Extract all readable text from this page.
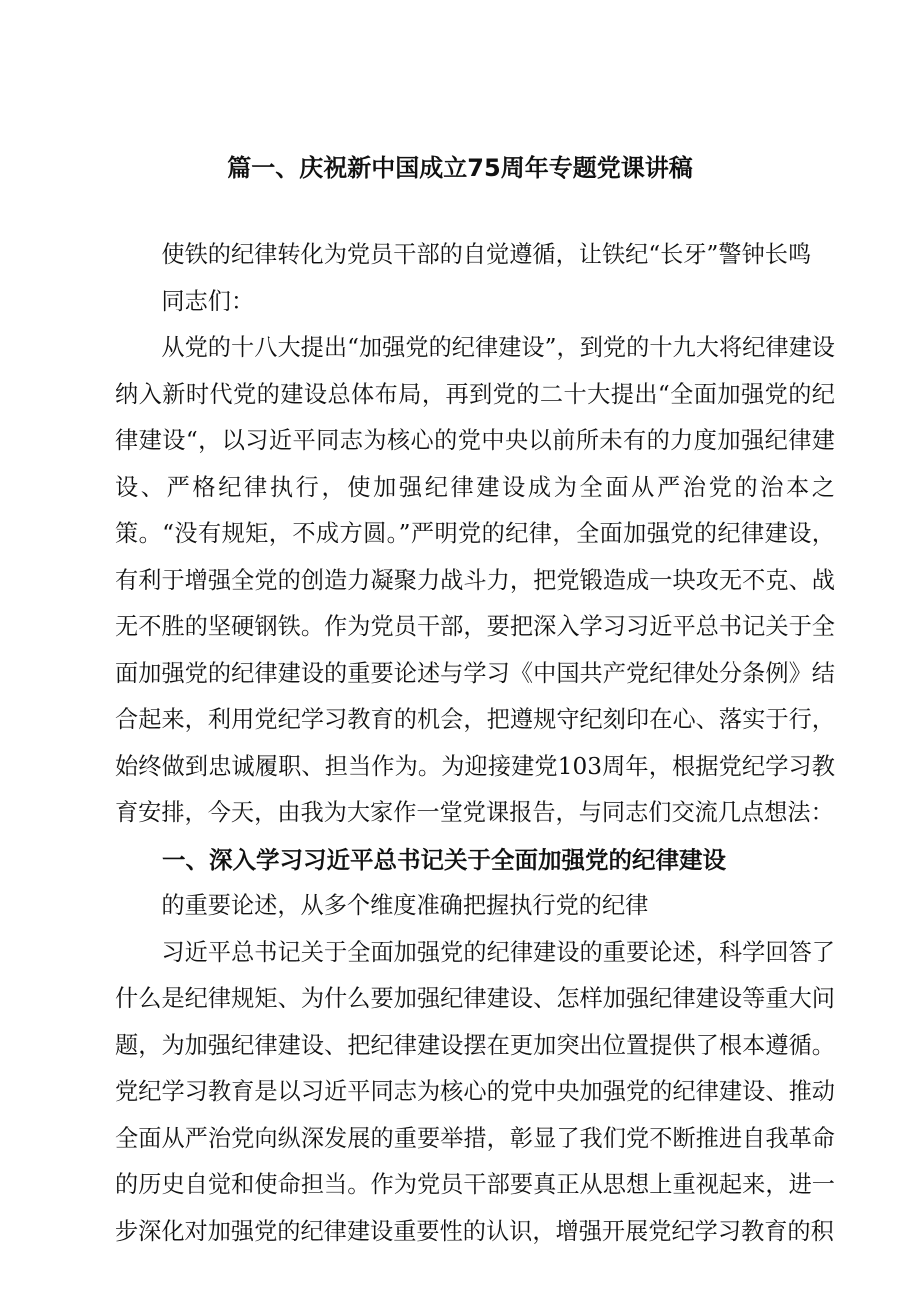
篇一、庆祝新中国成立75周年专题党课讲稿

使铁的纪律转化为党员干部的自觉遵循，让铁纪“长牙”警钟长鸣

同志们：

从党的十八大提出“加强党的纪律建设”，到党的十九大将纪律建设纳入新时代党的建设总体布局，再到党的二十大提出“全面加强党的纪律建设“，以习近平同志为核心的党中央以前所未有的力度加强纪律建设、严格纪律执行，使加强纪律建设成为全面从严治党的治本之策。“没有规矩，不成方圆。”严明党的纪律，全面加强党的纪律建设，有利于增强全党的创造力凝聚力战斗力，把党锻造成一块攻无不克、战无不胜的坚硬钢铁。作为党员干部，要把深入学习习近平总书记关于全面加强党的纪律建设的重要论述与学习《中国共产党纪律处分条例》结合起来，利用党纪学习教育的机会，把遵规守纪刻印在心、落实于行，始终做到忠诚履职、担当作为。为迎接建党103周年，根据党纪学习教育安排，今天，由我为大家作一堂党课报告，与同志们交流几点想法：

一、深入学习习近平总书记关于全面加强党的纪律建设

的重要论述，从多个维度准确把握执行党的纪律

习近平总书记关于全面加强党的纪律建设的重要论述，科学回答了什么是纪律规矩、为什么要加强纪律建设、怎样加强纪律建设等重大问题，为加强纪律建设、把纪律建设摆在更加突出位置提供了根本遵循。党纪学习教育是以习近平同志为核心的党中央加强党的纪律建设、推动全面从严治党向纵深发展的重要举措，彰显了我们党不断推进自我革命的历史自觉和使命担当。作为党员干部要真正从思想上重视起来，进一步深化对加强党的纪律建设重要性的认识，增强开展党纪学习教育的积
